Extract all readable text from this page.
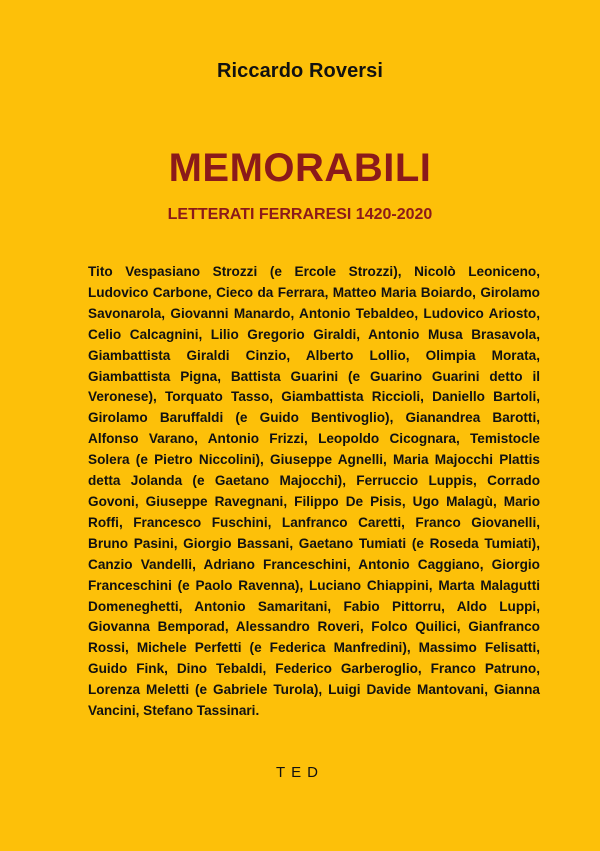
Riccardo Roversi
MEMORABILI
LETTERATI FERRARESI 1420-2020

Tito Vespasiano Strozzi (e Ercole Strozzi), Nicolò Leoniceno, Ludovico Carbone, Cieco da Ferrara, Matteo Maria Boiardo, Girolamo Savonarola, Giovanni Manardo, Antonio Tebaldeo, Ludovico Ariosto, Celio Calcagnini, Lilio Gregorio Giraldi, Antonio Musa Brasavola, Giambattista Giraldi Cinzio, Alberto Lollio, Olimpia Morata, Giambattista Pigna, Battista Guarini (e Guarino Guarini detto il Veronese), Torquato Tasso, Giambattista Riccioli, Daniello Bartoli, Girolamo Baruffaldi (e Guido Bentivoglio), Gianandrea Barotti, Alfonso Varano, Antonio Frizzi, Leopoldo Cicognara, Temistocle Solera (e Pietro Niccolini), Giuseppe Agnelli, Maria Majocchi Plattis detta Jolanda (e Gaetano Majocchi), Ferruccio Luppis, Corrado Govoni, Giuseppe Ravegnani, Filippo De Pisis, Ugo Malagù, Mario Roffi, Francesco Fuschini, Lanfranco Caretti, Franco Giovanelli, Bruno Pasini, Giorgio Bassani, Gaetano Tumiati (e Roseda Tumiati), Canzio Vandelli, Adriano Franceschini, Antonio Caggiano, Giorgio Franceschini (e Paolo Ravenna), Luciano Chiappini, Marta Malagutti Domeneghetti, Antonio Samaritani, Fabio Pittorru, Aldo Luppi, Giovanna Bemporad, Alessandro Roveri, Folco Quilici, Gianfranco Rossi, Michele Perfetti (e Federica Manfredini), Massimo Felisatti, Guido Fink, Dino Tebaldi, Federico Garberoglio, Franco Patruno, Lorenza Meletti (e Gabriele Turola), Luigi Davide Mantovani, Gianna Vancini, Stefano Tassinari.

TED
